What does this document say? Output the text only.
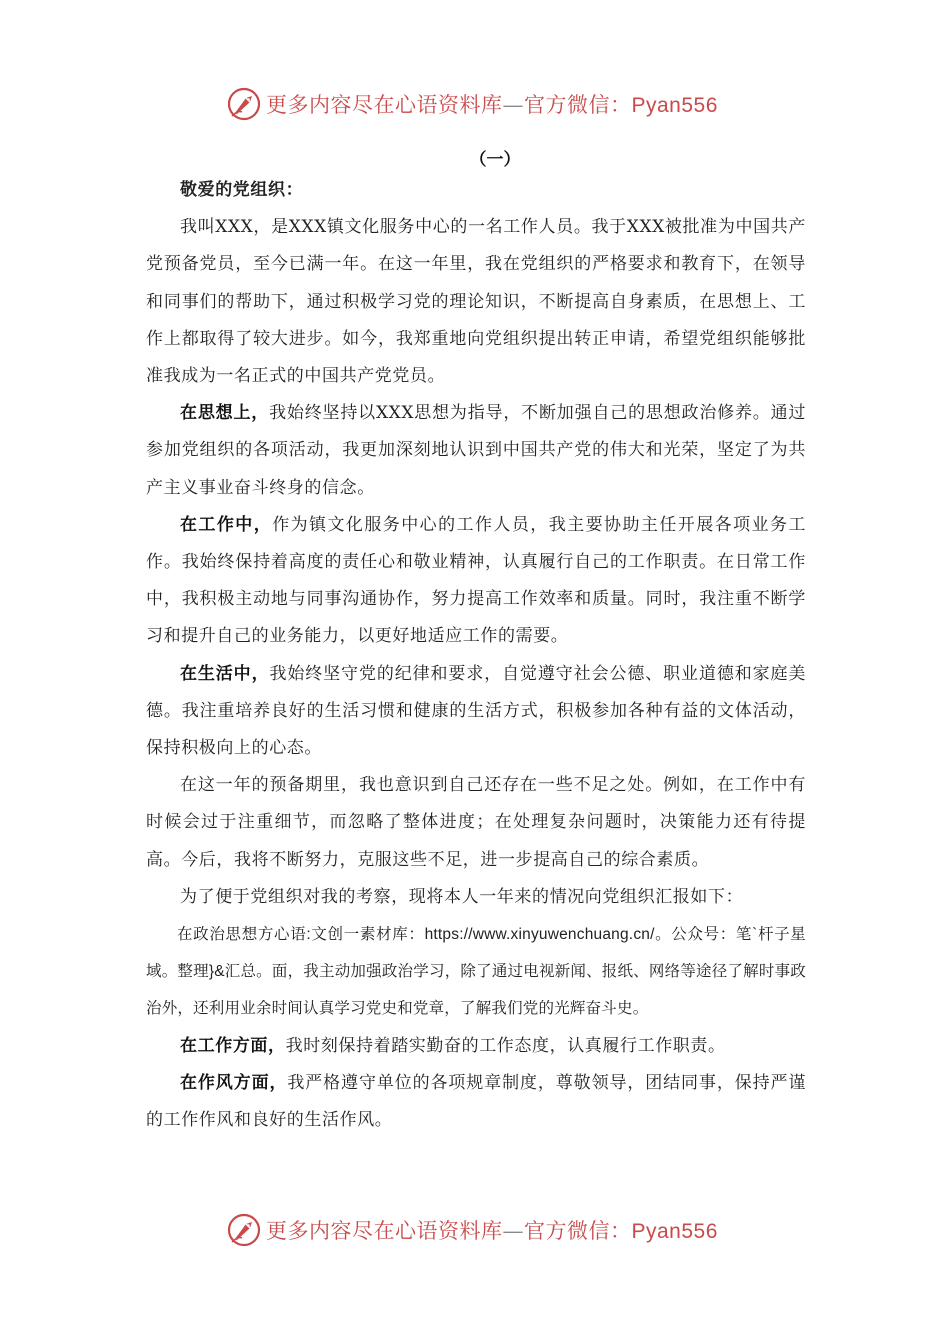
更多内容尽在心语资料库—官方微信：Pyan556
（一）

敬爱的党组织：

我叫XXX，是XXX镇文化服务中心的一名工作人员。我于XXX被批准为中国共产党预备党员，至今已满一年。在这一年里，我在党组织的严格要求和教育下，在领导和同事们的帮助下，通过积极学习党的理论知识，不断提高自身素质，在思想上、工作上都取得了较大进步。如今，我郑重地向党组织提出转正申请，希望党组织能够批准我成为一名正式的中国共产党党员。

在思想上，我始终坚持以XXX思想为指导，不断加强自己的思想政治修养。通过参加党组织的各项活动，我更加深刻地认识到中国共产党的伟大和光荣，坚定了为共产主义事业奋斗终身的信念。

在工作中，作为镇文化服务中心的工作人员，我主要协助主任开展各项业务工作。我始终保持着高度的责任心和敬业精神，认真履行自己的工作职责。在日常工作中，我积极主动地与同事沟通协作，努力提高工作效率和质量。同时，我注重不断学习和提升自己的业务能力，以更好地适应工作的需要。

在生活中，我始终坚守党的纪律和要求，自觉遵守社会公德、职业道德和家庭美德。我注重培养良好的生活习惯和健康的生活方式，积极参加各种有益的文体活动，保持积极向上的心态。

在这一年的预备期里，我也意识到自己还存在一些不足之处。例如，在工作中有时候会过于注重细节，而忽略了整体进度；在处理复杂问题时，决策能力还有待提高。今后，我将不断努力，克服这些不足，进一步提高自己的综合素质。

为了便于党组织对我的考察，现将本人一年来的情况向党组织汇报如下：

在政治思想方心语:文创一素材库：https://www.xinyuwenchuang.cn/。公众号：笔`杆子星域。整理}&汇总。面，我主动加强政治学习，除了通过电视新闻、报纸、网络等途径了解时事政治外，还利用业余时间认真学习党史和党章，了解我们党的光辉奋斗史。

在工作方面，我时刻保持着踏实勤奋的工作态度，认真履行工作职责。

在作风方面，我严格遵守单位的各项规章制度，尊敬领导，团结同事，保持严谨的工作作风和良好的生活作风。

更多内容尽在心语资料库—官方微信：Pyan556
